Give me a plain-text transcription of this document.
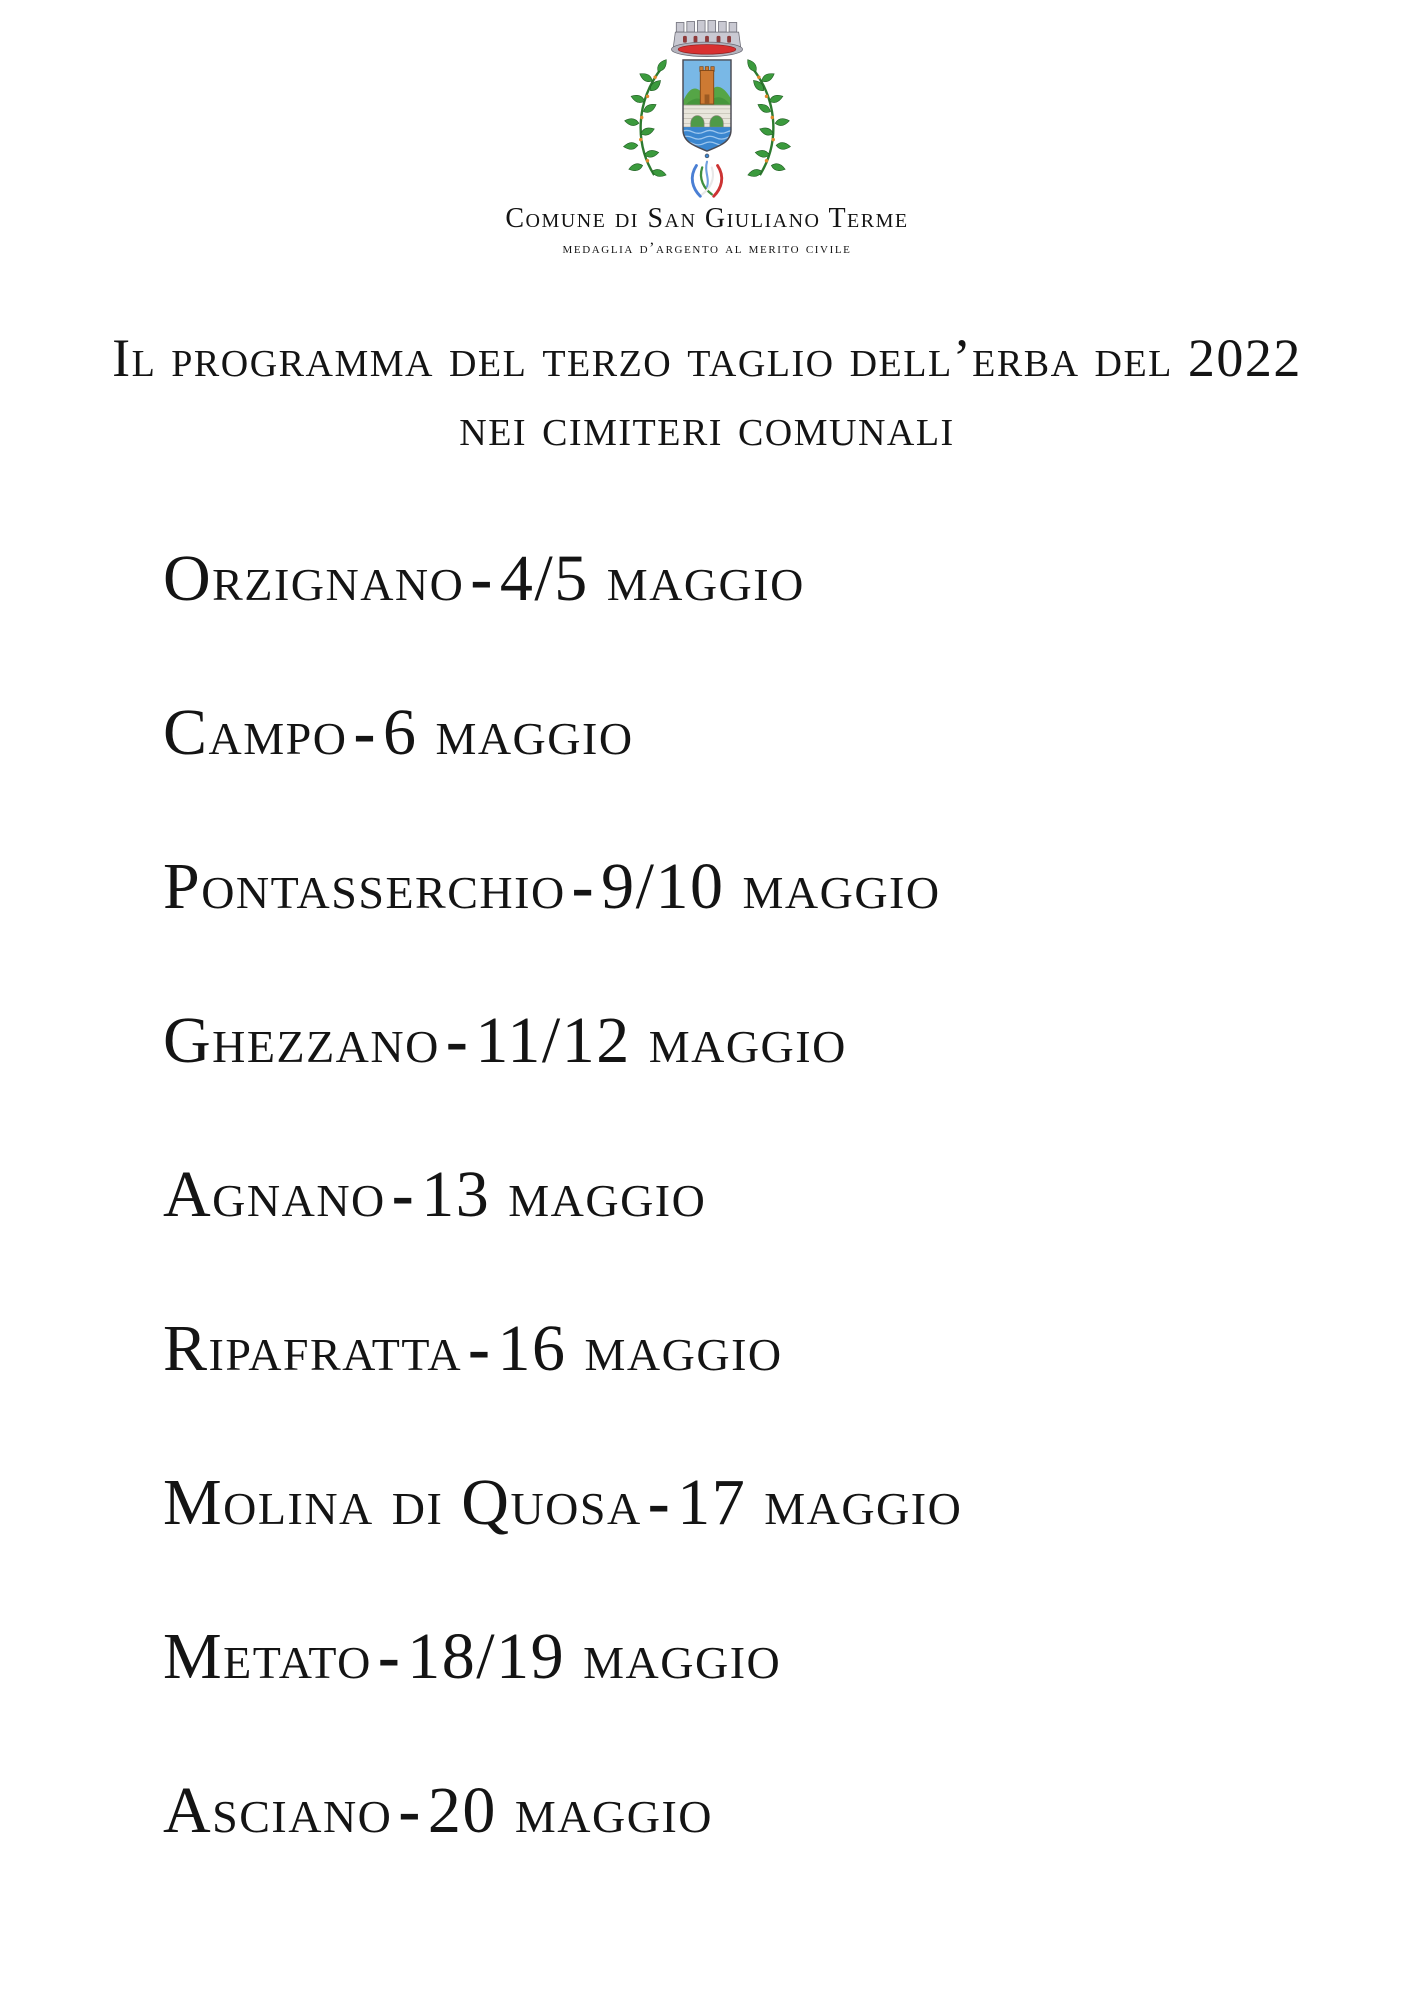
Comune di San Giuliano Terme
medaglia d’argento al merito civile
Il programma del terzo taglio dell’erba del 2022
nei cimiteri comunali
Orzignano-4/5 maggio
Campo-6 maggio
Pontasserchio-9/10 maggio
Ghezzano-11/12 maggio
Agnano-13 maggio
Ripafratta-16 maggio
Molina di Quosa-17 maggio
Metato-18/19 maggio
Asciano-20 maggio
